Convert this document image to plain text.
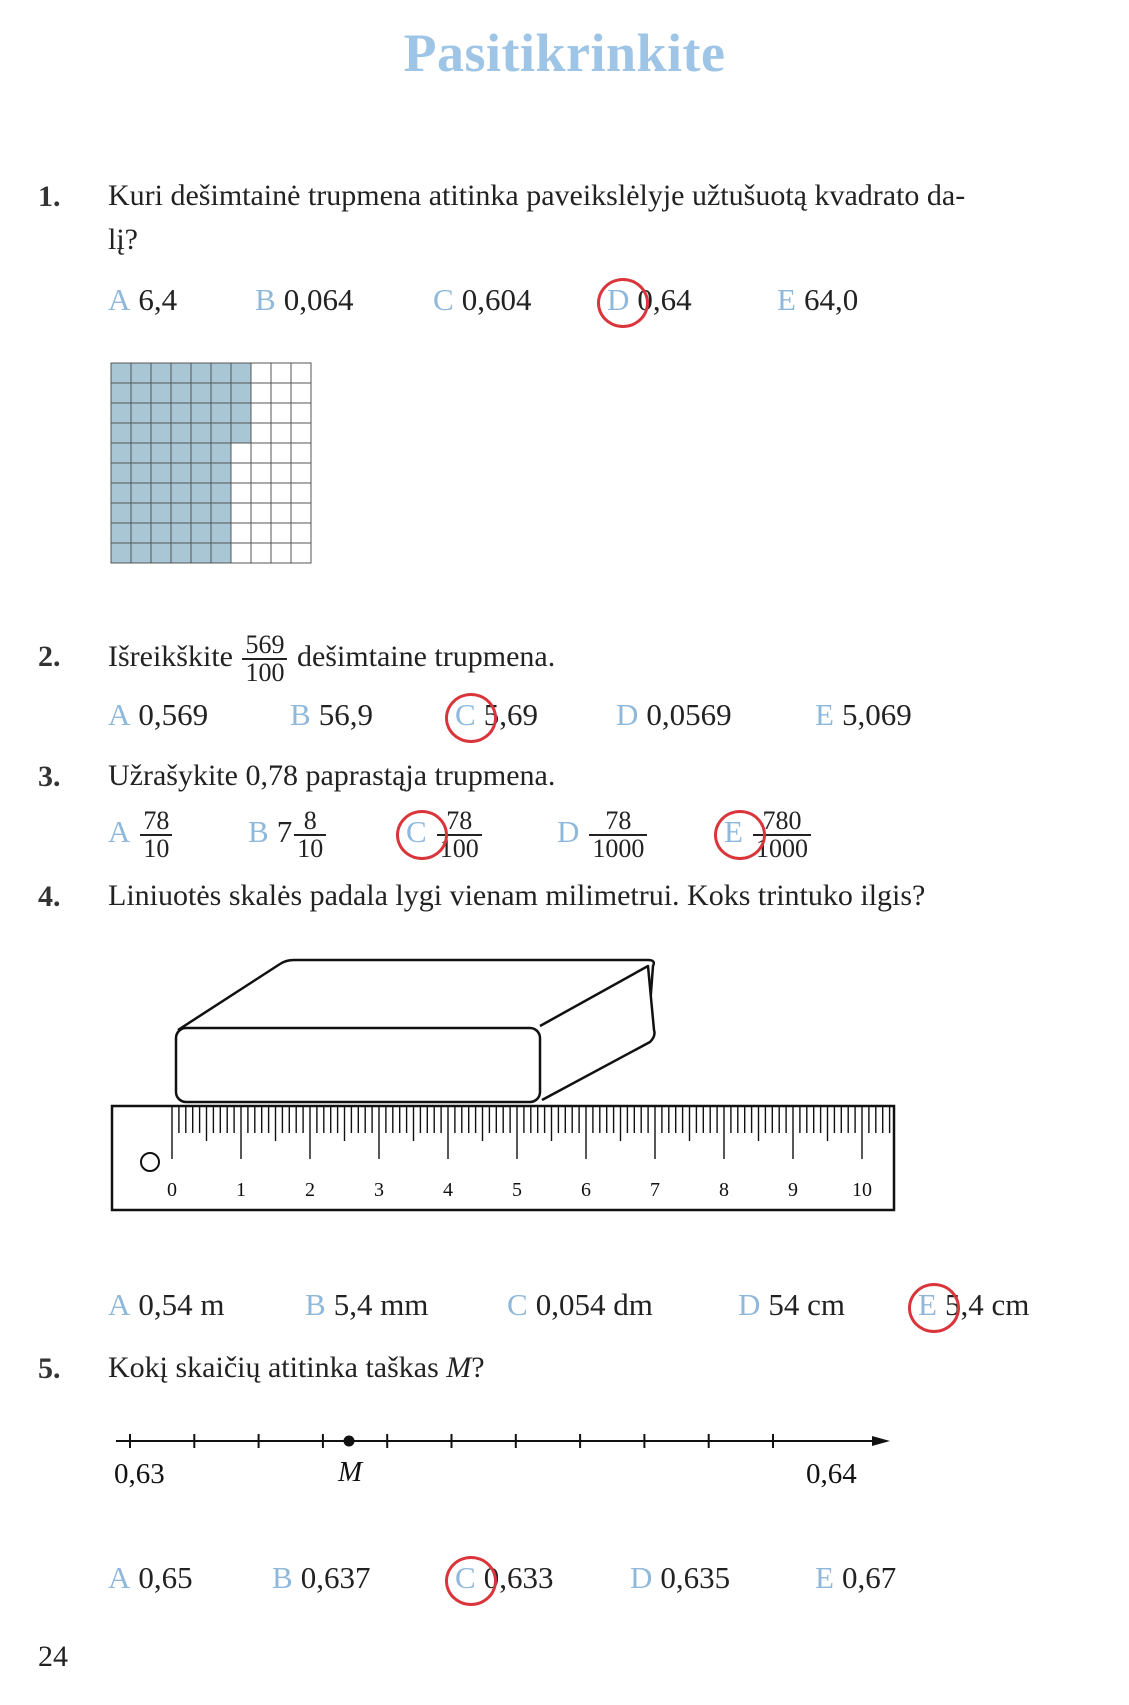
Pasitikrinkite
1. Kuri dešimtainė trupmena atitinka paveikslėlyje užtušuotą kvadrato da-
lį?
A 6,4	B 0,064	C 0,604 D 0,64	E 64,0
2. Išreikškite $\frac{569}{100}$ dešimtaine trupmena.
A 0,569	B 56,9	C 5,69	D 0,0569	E 5,069
3. Užrašykite 0,78 paprastąja trupmena.
A $\frac{78}{10}$ B $7 \frac{8}{10}$	C $\frac{78}{100}$ D $\frac{78}{1000}$ E $\frac{780}{1000}$
4. Liniuotės skalės padala lygi vienam milimetrui. Koks trintuko ilgis?
0	1	2	3	4	5	6	7	8	9	10
A 0,54 m	B 5,4 mm	C 0,054 dm	D 54 cm E 5,4 cm
5. Kokį skaičių atitinka taškas M?
0,63	M	0,64
A 0,65	B 0,637	C 0,633 D 0,635	E 0,67
24
